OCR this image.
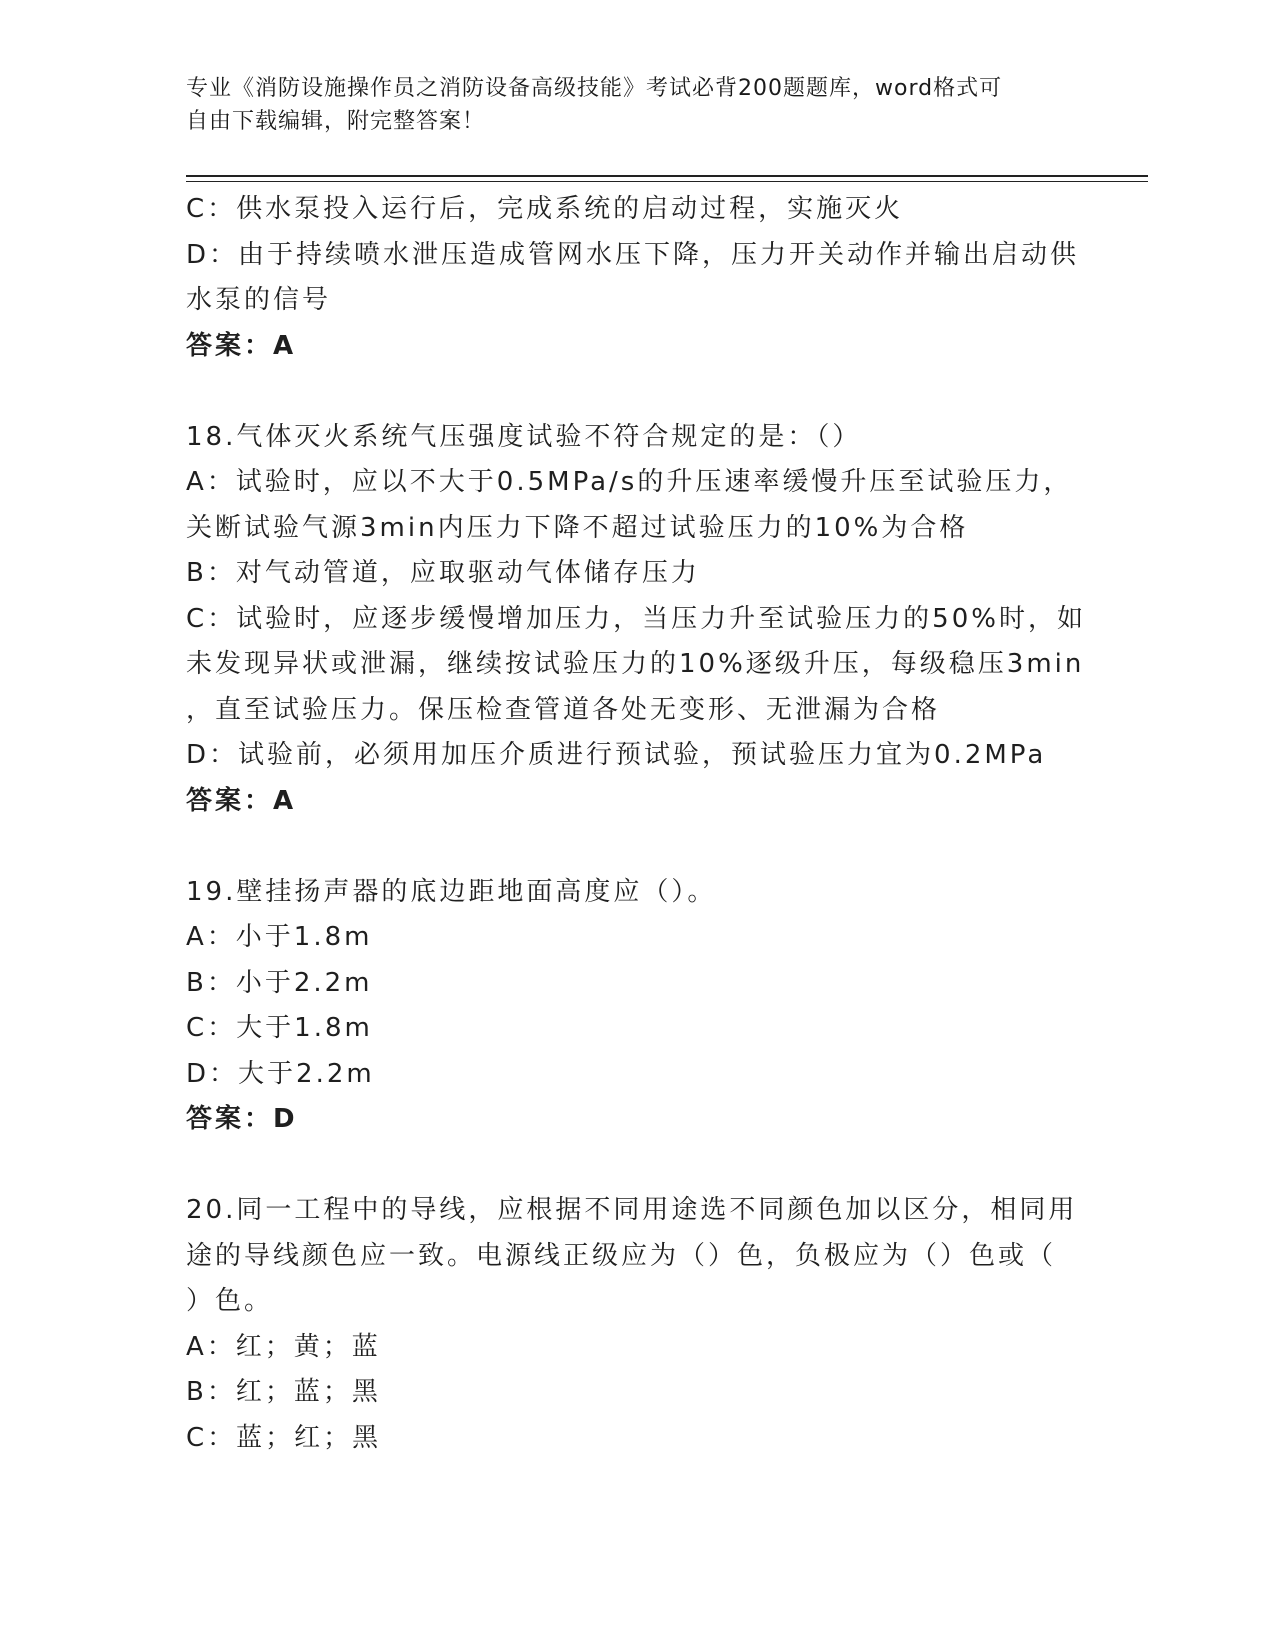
专业《消防设施操作员之消防设备高级技能》考试必背200题题库，word格式可
自由下载编辑，附完整答案！
C：供水泵投入运行后，完成系统的启动过程，实施灭火
D：由于持续喷水泄压造成管网水压下降，压力开关动作并输出启动供
水泵的信号
答案：A
18.气体灭火系统气压强度试验不符合规定的是：（）
A：试验时，应以不大于0.5MPa/s的升压速率缓慢升压至试验压力，
关断试验气源3min内压力下降不超过试验压力的10%为合格
B：对气动管道，应取驱动气体储存压力
C：试验时，应逐步缓慢增加压力，当压力升至试验压力的50%时，如
未发现异状或泄漏，继续按试验压力的10%逐级升压，每级稳压3min
，直至试验压力。保压检查管道各处无变形、无泄漏为合格
D：试验前，必须用加压介质进行预试验，预试验压力宜为0.2MPa
答案：A
19.壁挂扬声器的底边距地面高度应（）。
A：小于1.8m
B：小于2.2m
C：大于1.8m
D：大于2.2m
答案：D
20.同一工程中的导线，应根据不同用途选不同颜色加以区分，相同用
途的导线颜色应一致。电源线正级应为（）色，负极应为（）色或（
）色。
A：红；黄；蓝
B：红；蓝；黑
C：蓝；红；黑
